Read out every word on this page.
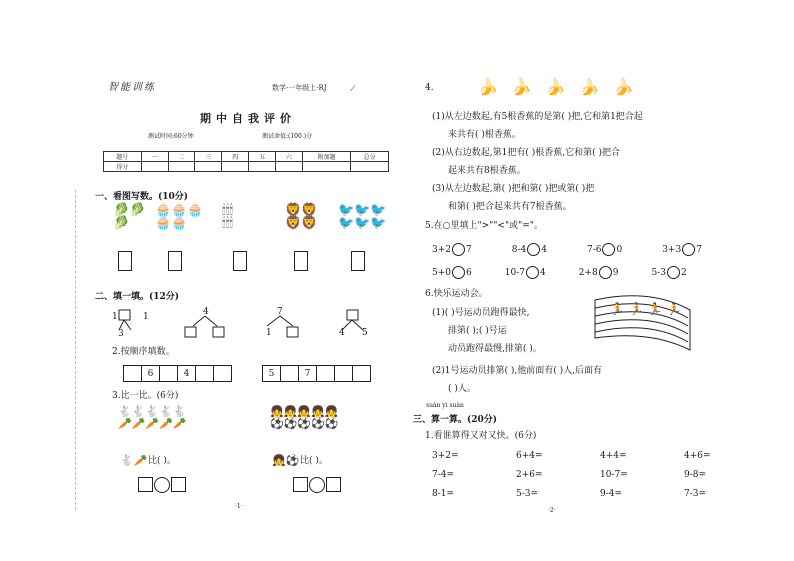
智能训练	数学·一年级上·RJ	⟋
期中自我评价
测试时间:60分钟	测试命值:(100 )分
题号	一	二	三	四	五	六	附加题	总分
得分								
一、看图写数。(10分)
🥬🥬
🥬
🧁🧁🧁
🧁🧁
🕯🕯🕯
🕯🕯🕯
🦁🦁
🦁🦁
🐦🐦🐦
🐦🐦🐦
二、填一填。(12分)
1. 1
3
4	7
1	4 5
2.按顺序填数。
6	4	5	7
3.比一比。(6分)
🐇🐇🐇🐇🐇
🥕🥕🥕🥕🥕
👧👧👧👧👧
⚽⚽⚽⚽⚽
🐇🥕 比( )。	👧⚽ 比( )。
·1·
4.	🍌🍌🍌🍌🍌
(1)从左边数起,有5根香蕉的是第( )把,它和第1把合起
来共有( )根香蕉。
(2)从右边数起,第1把有( )根香蕉,它和第( )把合
起来共有8根香蕉。
(3)从左边数起,第( )把和第( )把或第( )把
和第( )把合起来共有7根香蕉。
5.在○里填上">""<"或"="。
3+2 7	8-4 4	7-6 0	3+3 7
5+0 6	10-7 4	2+8 9	5-3 2
6.快乐运动会。
(1)( )号运动员跑得最快,
排第( );( )号运
动员跑得最慢,排第( )。
🏃🏃🏃🏃
(2)1号运动员排第( ),他前面有( )人,后面有
( )人。
suàn yi suàn
三、算一算。(20分)
1.看谁算得又对又快。(6分)
3+2=	6+4=	4+4=	4+6=
7-4=	2+6=	10-7=	9-8=
8-1=	5-3=	9-4=	7-3=
·2·
